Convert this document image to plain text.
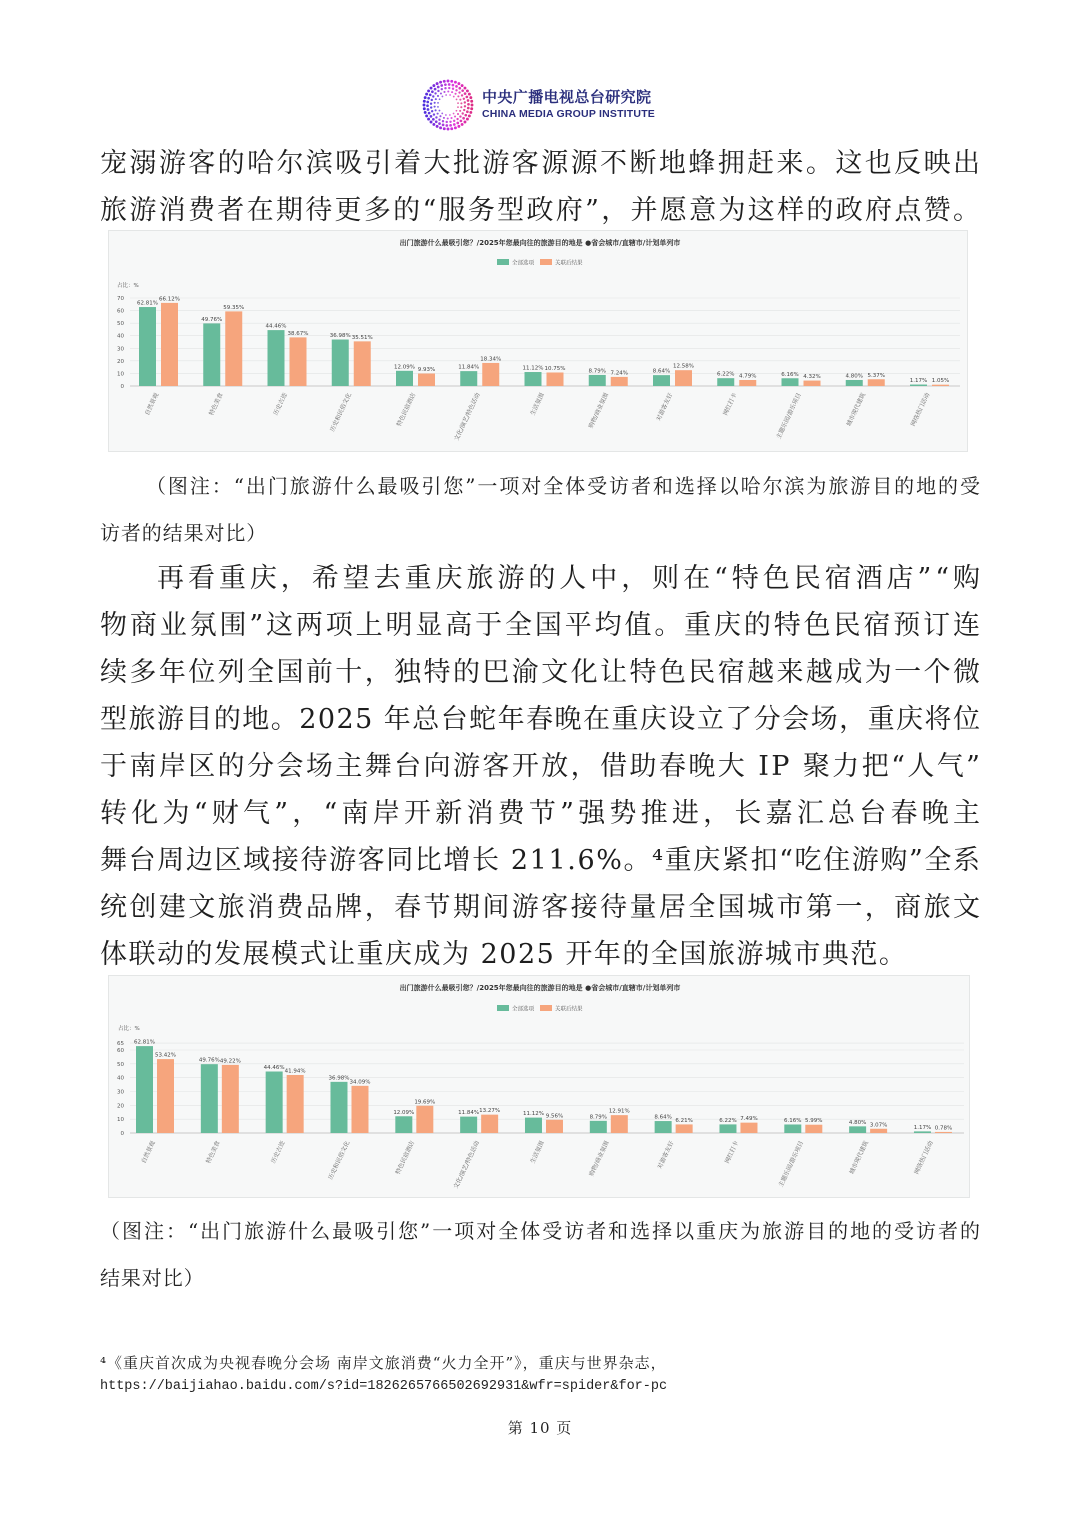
中央广播电视总台研究院
CHINA MEDIA GROUP INSTITUTE
宠溺游客的哈尔滨吸引着大批游客源源不断地蜂拥赶来。这也反映出
旅游消费者在期待更多的“服务型政府”，并愿意为这样的政府点赞。
出门旅游什么最吸引您？/2025年您最向往的旅游目的地是 ●省会城市/直辖市/计划单列市
全部选项	关联后结果
占比：%
0
10
20
30
40
50
60
70
62.81%
49.76%
44.46%
36.98%
12.09%	11.84%	11.12%	8.79%	8.64%
6.22%	6.16%	4.80%
1.17%
66.12%
59.35%
38.67%
35.51%
9.93%
18.34%
10.75%
7.24%
12.58%
4.79%	4.32%	5.37%
1.05%
自然景观	特色美食	历史古迹	历史和民俗文化	特色民宿酒店	文化/演艺/特色活动	生活氛围	购物/商业氛围	对游客友好	网红打卡	主题乐园/游乐项目	城市现代建筑	网络热门活动
（图注：“出门旅游什么最吸引您”一项对全体受访者和选择以哈尔滨为旅游目的地的受
访者的结果对比）
再看重庆，希望去重庆旅游的人中，则在“特色民宿酒店”“购
物商业氛围”这两项上明显高于全国平均值。重庆的特色民宿预订连
续多年位列全国前十，独特的巴渝文化让特色民宿越来越成为一个微
型旅游目的地。2025 年总台蛇年春晚在重庆设立了分会场，重庆将位
于南岸区的分会场主舞台向游客开放，借助春晚大 IP 聚力把“人气”
转化为“财气”，“南岸开新消费节”强势推进，长嘉汇总台春晚主
舞台周边区域接待游客同比增长 211.6%。⁴重庆紧扣“吃住游购”全系
统创建文旅消费品牌，春节期间游客接待量居全国城市第一，商旅文
体联动的发展模式让重庆成为 2025 开年的全国旅游城市典范。
出门旅游什么最吸引您？/2025年您最向往的旅游目的地是 ●省会城市/直辖市/计划单列市
全部选项	关联后结果
占比：%
0
10
20
30
40
50
60
65 62.81%
49.76%
44.46%
36.98%
12.09%	11.84%	11.12%
8.79%	8.64%
6.22%	6.16%	4.80%
1.17%
53.42%
49.22%
41.94%
34.09%
19.69%
13.27%
9.56%
12.91%
6.21%	7.49%	5.99%
3.07%
0.78%
自然景观	特色美食	历史古迹	历史和民俗文化	特色民宿酒店	文化/演艺/特色活动	生活氛围	购物/商业氛围	对游客友好	网红打卡	主题乐园/游乐项目	城市现代建筑	网络热门活动
（图注：“出门旅游什么最吸引您”一项对全体受访者和选择以重庆为旅游目的地的受访者的
结果对比）
⁴《重庆首次成为央视春晚分会场 南岸文旅消费“火力全开”》，重庆与世界杂志，
https://baijiahao.baidu.com/s?id=1826265766502692931&wfr=spider&for-pc
第 10 页
